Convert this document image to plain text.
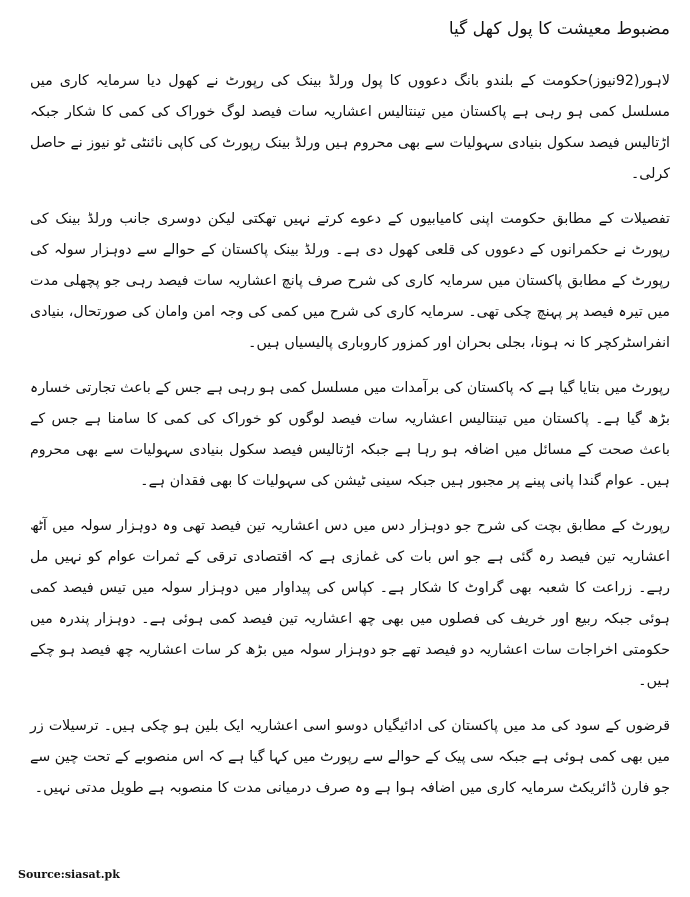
مضبوط معیشت کا پول کھل گیا

لاہور(92نیوز)حکومت کے بلندو بانگ دعووں کا پول ورلڈ بینک کی رپورٹ نے کھول دیا سرمایہ کاری میں مسلسل کمی ہو رہی ہے پاکستان میں تینتالیس اعشاریہ سات فیصد لوگ خوراک کی کمی کا شکار جبکہ اڑتالیس فیصد سکول بنیادی سہولیات سے بھی محروم ہیں ورلڈ بینک رپورٹ کی کاپی نائنٹی ٹو نیوز نے حاصل کرلی۔

تفصیلات کے مطابق حکومت اپنی کامیابیوں کے دعوے کرتے نہیں تھکتی لیکن دوسری جانب ورلڈ بینک کی رپورٹ نے حکمرانوں کے دعووں کی قلعی کھول دی ہے۔ ورلڈ بینک پاکستان کے حوالے سے دوہزار سولہ کی رپورٹ کے مطابق پاکستان میں سرمایہ کاری کی شرح صرف پانچ اعشاریہ سات فیصد رہی جو پچھلی مدت میں تیرہ فیصد پر پہنچ چکی تھی۔ سرمایہ کاری کی شرح میں کمی کی وجہ امن وامان کی صورتحال، بنیادی انفراسٹرکچر کا نہ ہونا، بجلی بحران اور کمزور کاروباری پالیسیاں ہیں۔

رپورٹ میں بتایا گیا ہے کہ پاکستان کی برآمدات میں مسلسل کمی ہو رہی ہے جس کے باعث تجارتی خسارہ بڑھ گیا ہے۔ پاکستان میں تینتالیس اعشاریہ سات فیصد لوگوں کو خوراک کی کمی کا سامنا ہے جس کے باعث صحت کے مسائل میں اضافہ ہو رہا ہے جبکہ اڑتالیس فیصد سکول بنیادی سہولیات سے بھی محروم ہیں۔ عوام گندا پانی پینے پر مجبور ہیں جبکہ سینی ٹیشن کی سہولیات کا بھی فقدان ہے۔

رپورٹ کے مطابق بچت کی شرح جو دوہزار دس میں دس اعشاریہ تین فیصد تھی وہ دوہزار سولہ میں آٹھ اعشاریہ تین فیصد رہ گئی ہے جو اس بات کی غمازی ہے کہ اقتصادی ترقی کے ثمرات عوام کو نہیں مل رہے۔ زراعت کا شعبہ بھی گراوٹ کا شکار ہے۔ کپاس کی پیداوار میں دوہزار سولہ میں تیس فیصد کمی ہوئی جبکہ ربیع اور خریف کی فصلوں میں بھی چھ اعشاریہ تین فیصد کمی ہوئی ہے۔ دوہزار پندرہ میں حکومتی اخراجات سات اعشاریہ دو فیصد تھے جو دوہزار سولہ میں بڑھ کر سات اعشاریہ چھ فیصد ہو چکے ہیں۔

قرضوں کے سود کی مد میں پاکستان کی ادائیگیاں دوسو اسی اعشاریہ ایک بلین ہو چکی ہیں۔ ترسیلات زر میں بھی کمی ہوئی ہے جبکہ سی پیک کے حوالے سے رپورٹ میں کہا گیا ہے کہ اس منصوبے کے تحت چین سے جو فارن ڈائریکٹ سرمایہ کاری میں اضافہ ہوا ہے وہ صرف درمیانی مدت کا منصوبہ ہے طویل مدتی نہیں۔

Source:siasat.pk
